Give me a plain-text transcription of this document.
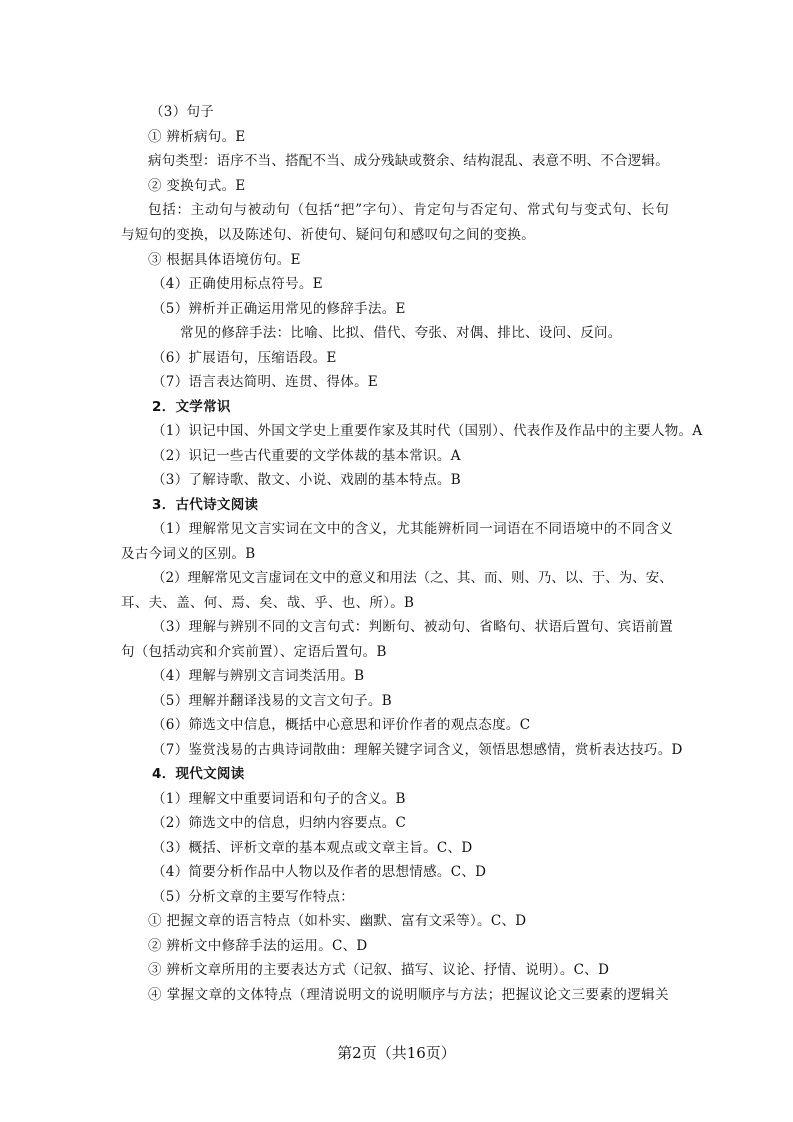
（3）句子
① 辨析病句。E
病句类型：语序不当、搭配不当、成分残缺或赘余、结构混乱、表意不明、不合逻辑。
② 变换句式。E
包括：主动句与被动句（包括“把”字句）、肯定句与否定句、常式句与变式句、长句
与短句的变换，以及陈述句、祈使句、疑问句和感叹句之间的变换。
③ 根据具体语境仿句。E
（4）正确使用标点符号。E
（5）辨析并正确运用常见的修辞手法。E
常见的修辞手法：比喻、比拟、借代、夸张、对偶、排比、设问、反问。
（6）扩展语句，压缩语段。E
（7）语言表达简明、连贯、得体。E
2．文学常识
（1）识记中国、外国文学史上重要作家及其时代（国别）、代表作及作品中的主要人物。A
（2）识记一些古代重要的文学体裁的基本常识。A
（3）了解诗歌、散文、小说、戏剧的基本特点。B
3．古代诗文阅读
（1）理解常见文言实词在文中的含义，尤其能辨析同一词语在不同语境中的不同含义
及古今词义的区别。B
（2）理解常见文言虚词在文中的意义和用法（之、其、而、则、乃、以、于、为、安、
耳、夫、盖、何、焉、矣、哉、乎、也、所）。B
（3）理解与辨别不同的文言句式：判断句、被动句、省略句、状语后置句、宾语前置
句（包括动宾和介宾前置）、定语后置句。B
（4）理解与辨别文言词类活用。B
（5）理解并翻译浅易的文言文句子。B
（6）筛选文中信息，概括中心意思和评价作者的观点态度。C
（7）鉴赏浅易的古典诗词散曲：理解关键字词含义，领悟思想感情，赏析表达技巧。D
4．现代文阅读
（1）理解文中重要词语和句子的含义。B
（2）筛选文中的信息，归纳内容要点。C
（3）概括、评析文章的基本观点或文章主旨。C、D
（4）简要分析作品中人物以及作者的思想情感。C、D
（5）分析文章的主要写作特点：
① 把握文章的语言特点（如朴实、幽默、富有文采等）。C、D
② 辨析文中修辞手法的运用。C、D
③ 辨析文章所用的主要表达方式（记叙、描写、议论、抒情、说明）。C、D
④ 掌握文章的文体特点（理清说明文的说明顺序与方法；把握议论文三要素的逻辑关
第2页（共16页）
